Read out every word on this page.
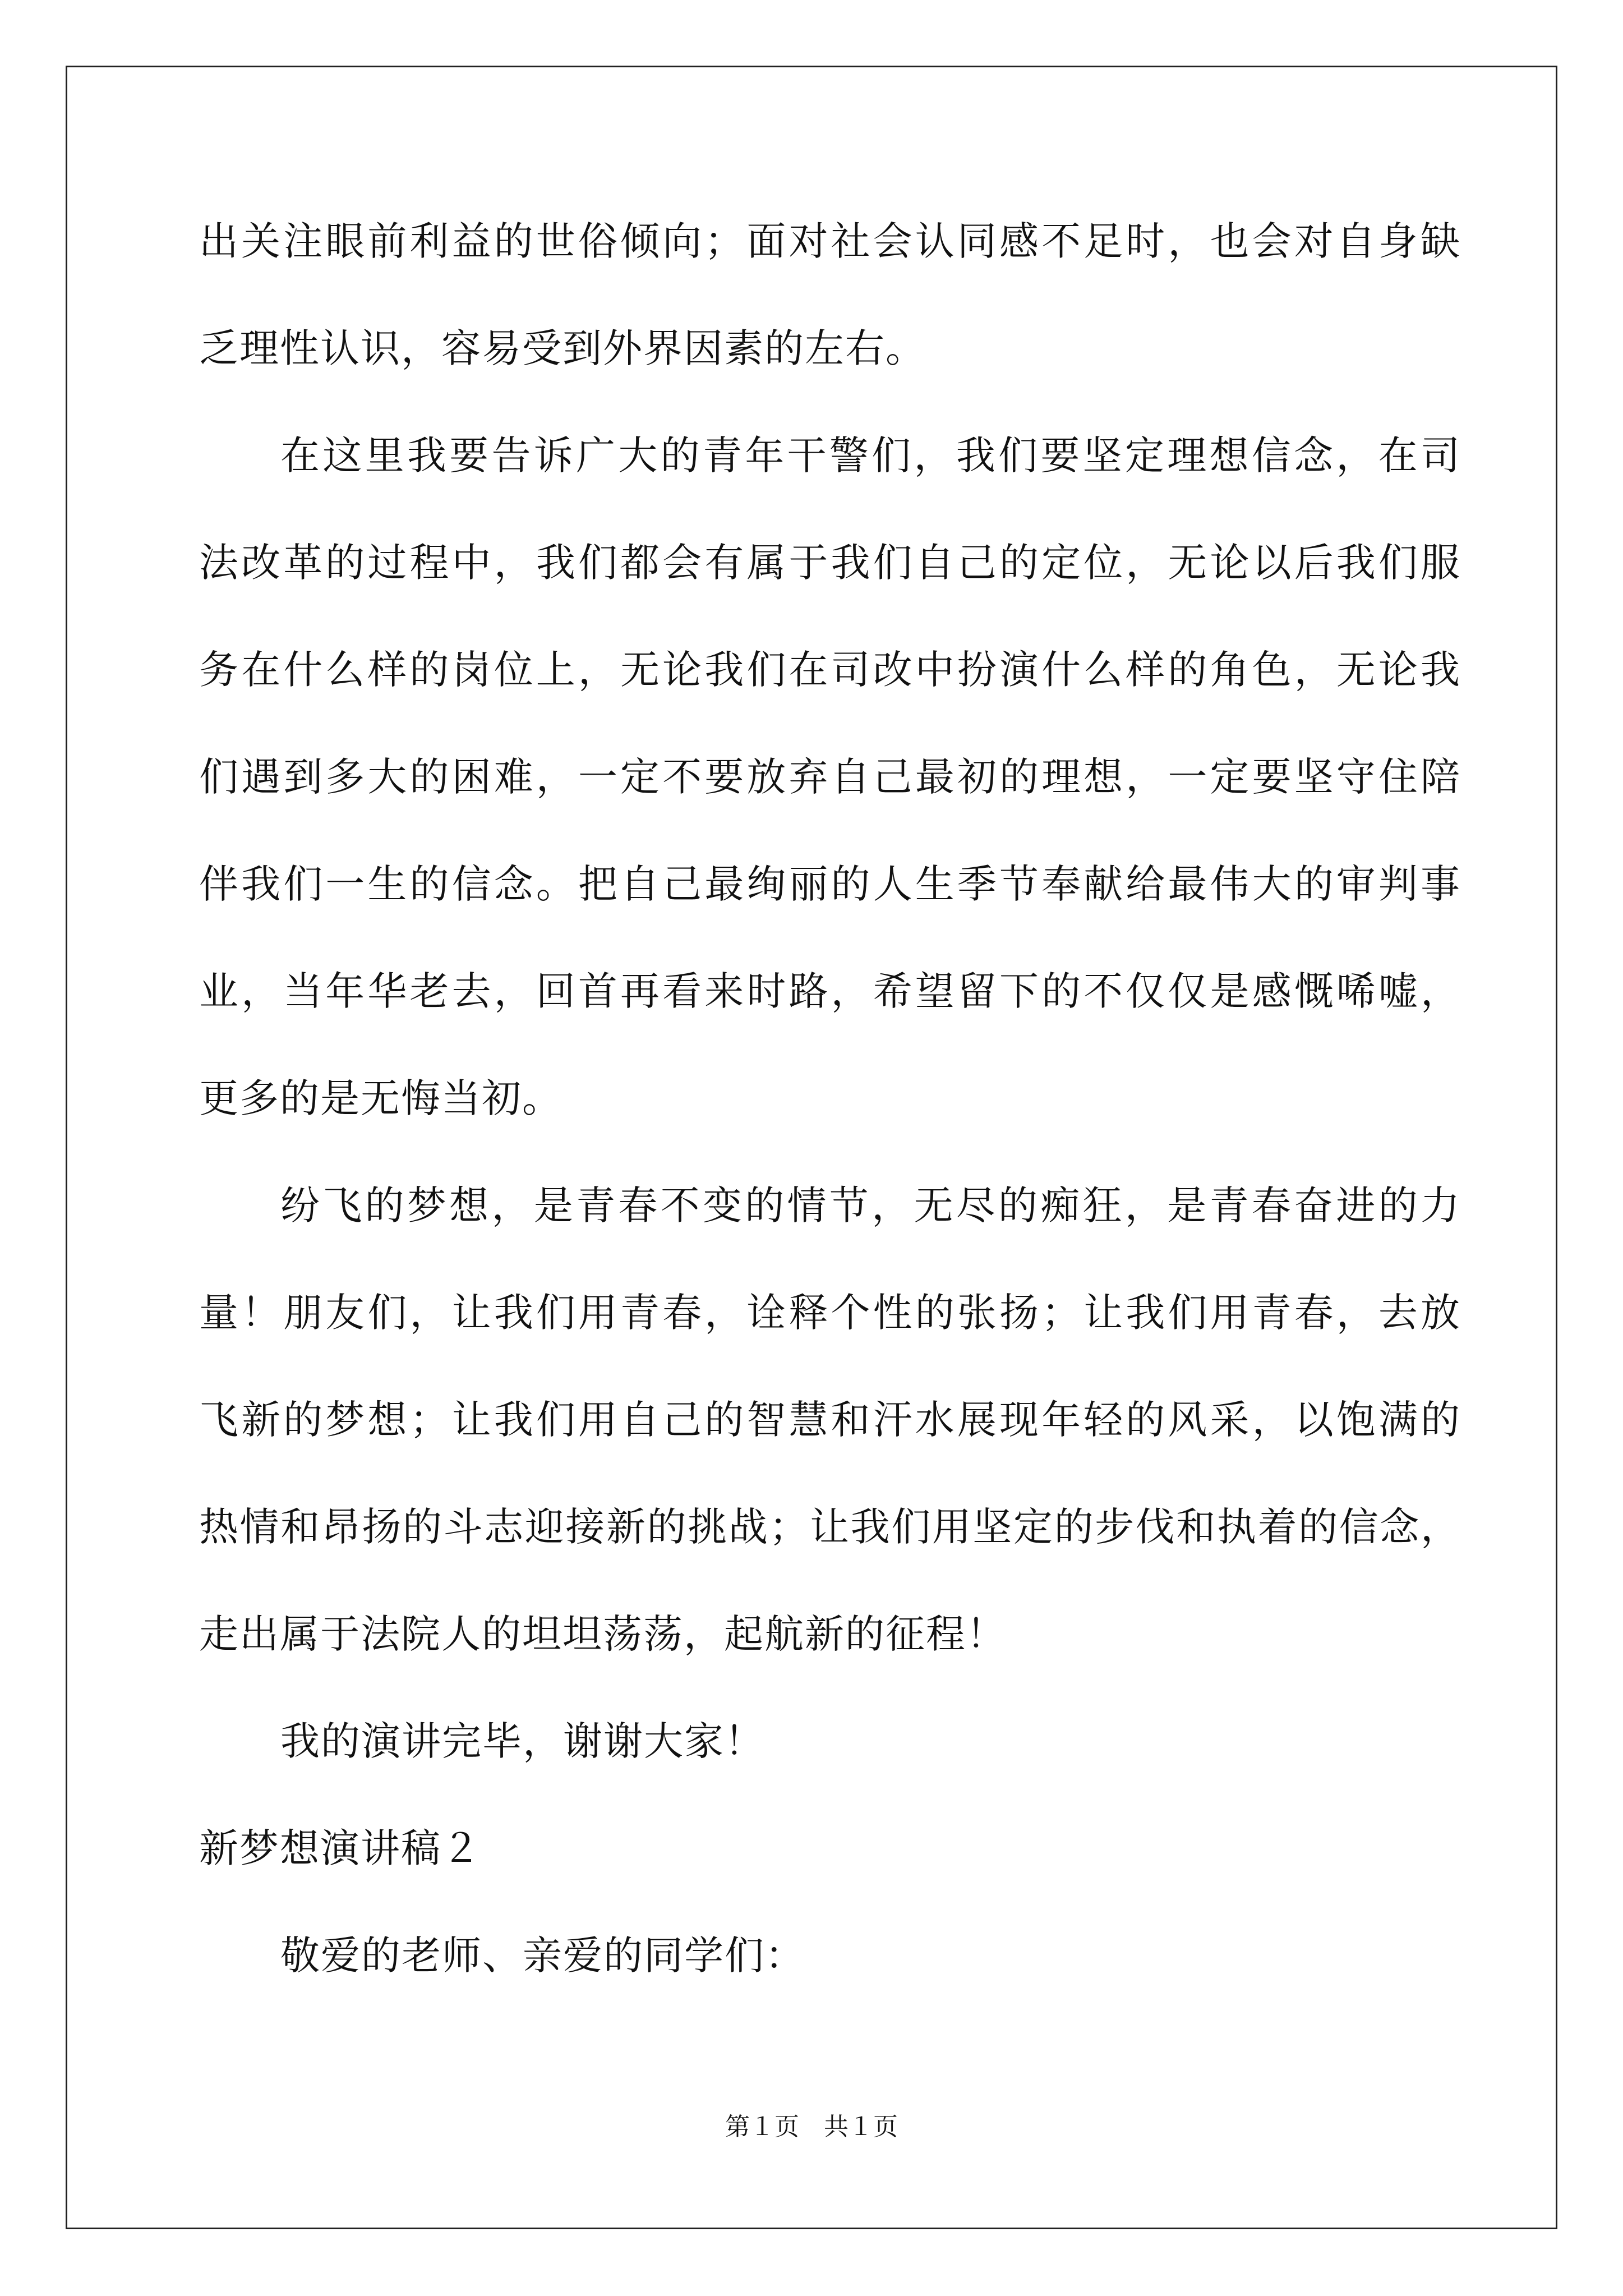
出关注眼前利益的世俗倾向；面对社会认同感不足时，也会对自身缺
乏理性认识，容易受到外界因素的左右。
在这里我要告诉广大的青年干警们，我们要坚定理想信念，在司
法改革的过程中，我们都会有属于我们自己的定位，无论以后我们服
务在什么样的岗位上，无论我们在司改中扮演什么样的角色，无论我
们遇到多大的困难，一定不要放弃自己最初的理想，一定要坚守住陪
伴我们一生的信念。把自己最绚丽的人生季节奉献给最伟大的审判事
业，当年华老去，回首再看来时路，希望留下的不仅仅是感慨唏嘘，
更多的是无悔当初。
纷飞的梦想，是青春不变的情节，无尽的痴狂，是青春奋进的力
量！朋友们，让我们用青春，诠释个性的张扬；让我们用青春，去放
飞新的梦想；让我们用自己的智慧和汗水展现年轻的风采，以饱满的
热情和昂扬的斗志迎接新的挑战；让我们用坚定的步伐和执着的信念，
走出属于法院人的坦坦荡荡，起航新的征程！
我的演讲完毕，谢谢大家！
新梦想演讲稿２
敬爱的老师、亲爱的同学们：
第１页　共１页
